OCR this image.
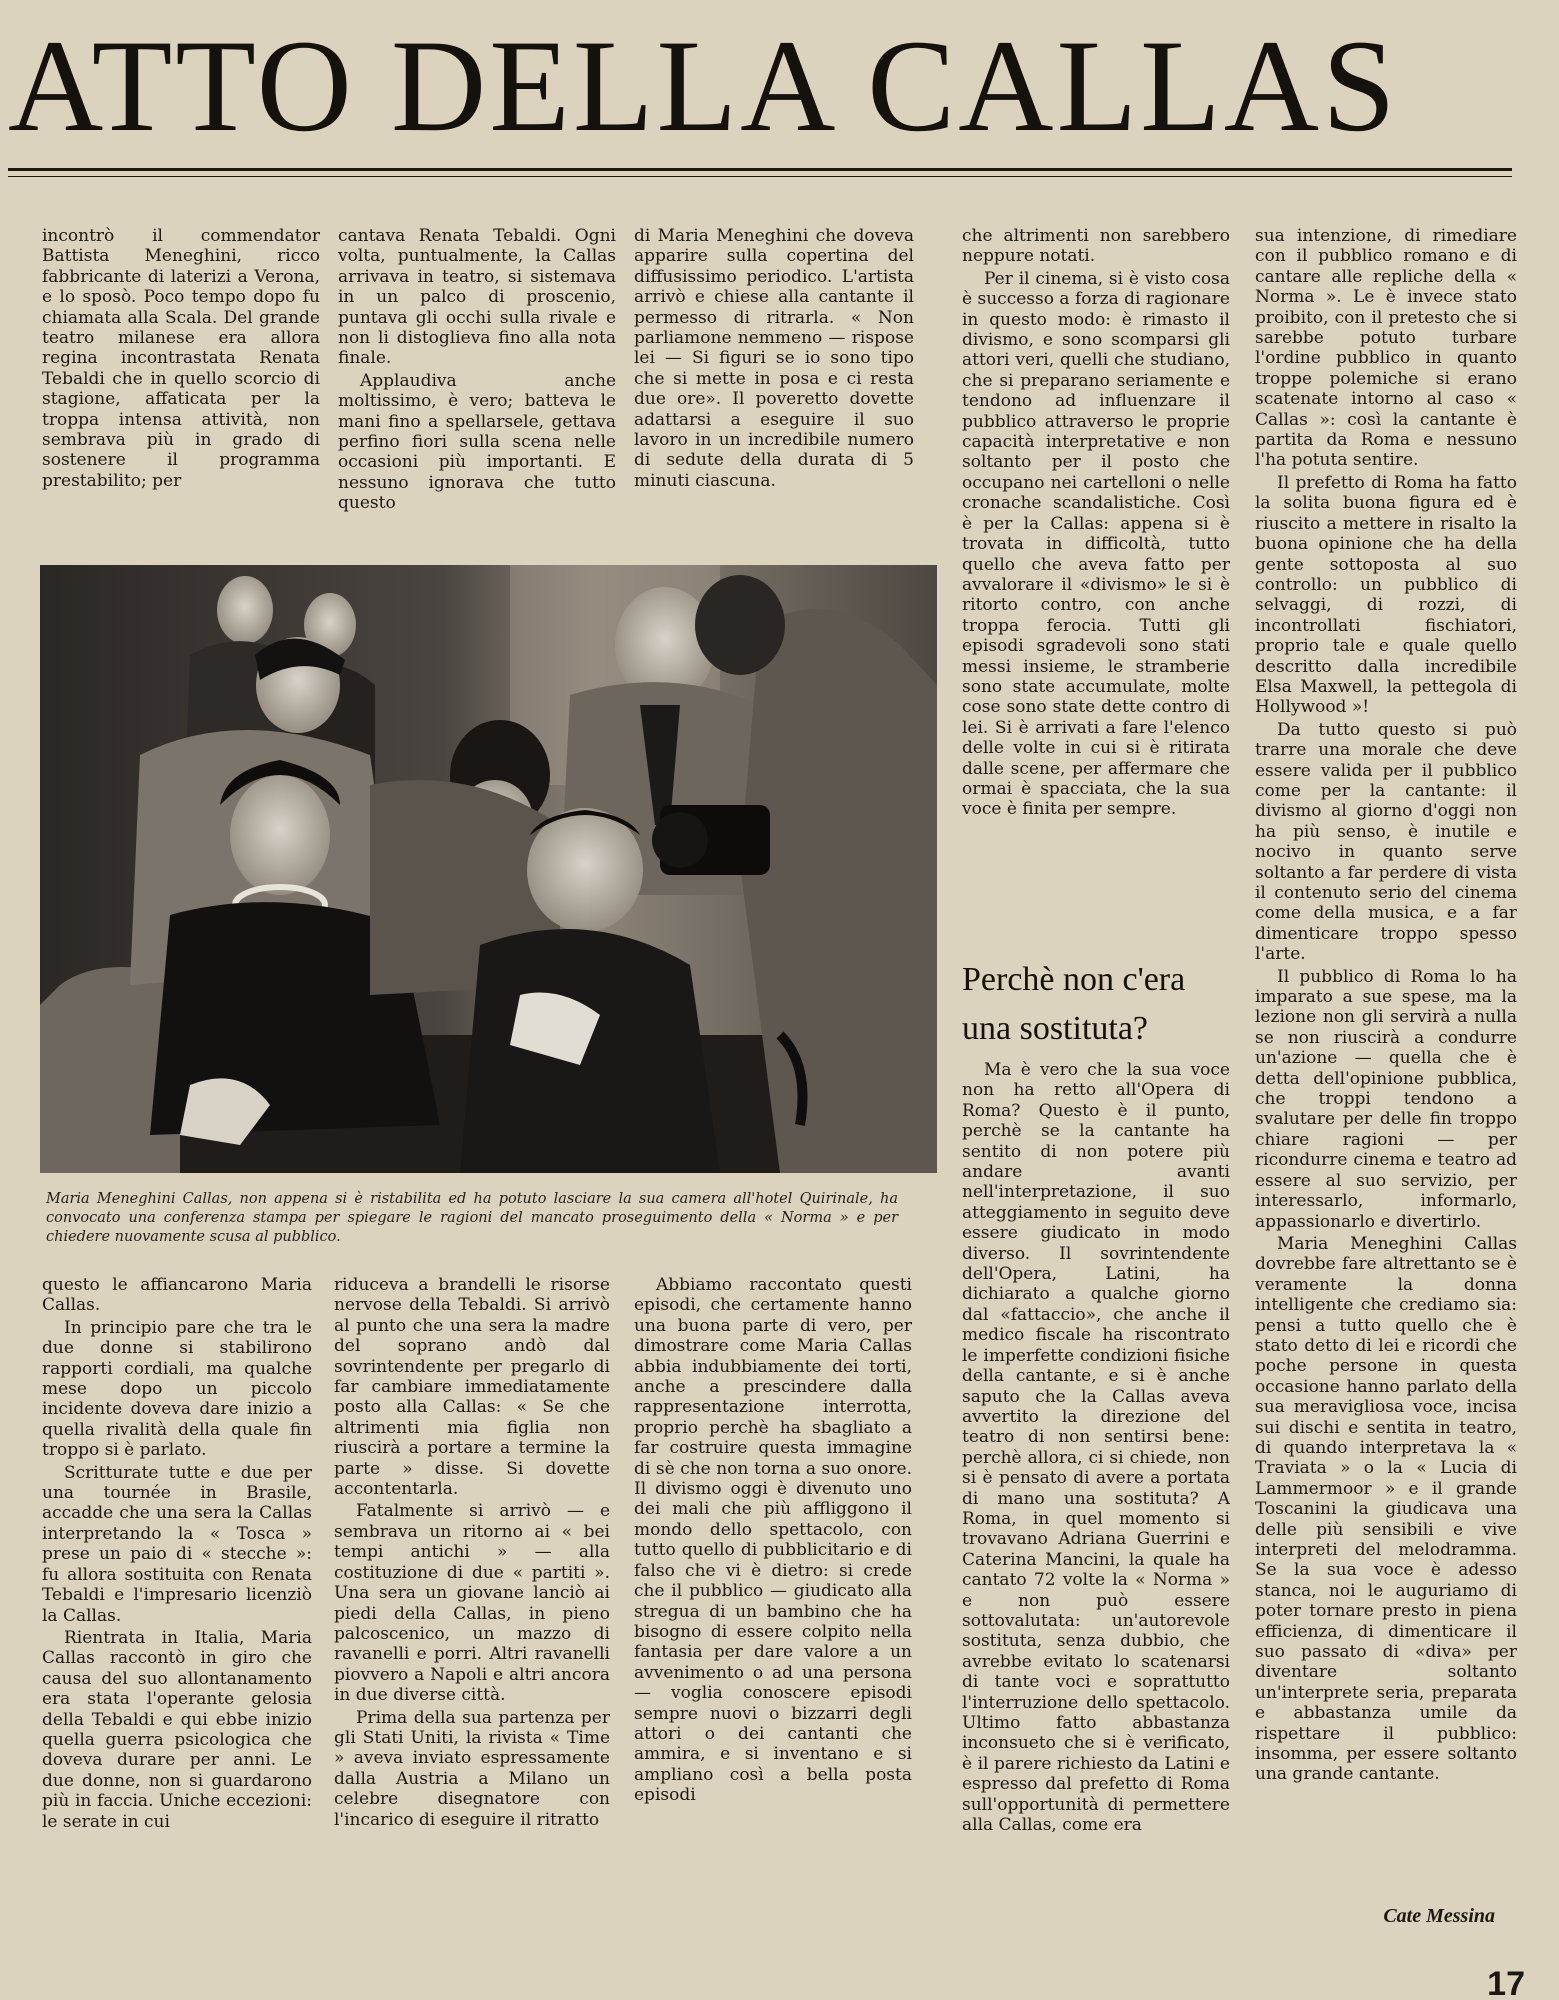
ATTO DELLA CALLAS

incontrò il commendator Battista Meneghini, ricco fabbricante di laterizi a Verona, e lo sposò. Poco tempo dopo fu chiamata alla Scala. Del grande teatro milanese era allora regina incontrastata Renata Tebaldi che in quello scorcio di stagione, affaticata per la troppa intensa attività, non sembrava più in grado di sostenere il programma prestabilito; per

cantava Renata Tebaldi. Ogni volta, puntualmente, la Callas arrivava in teatro, si sistemava in un palco di proscenio, puntava gli occhi sulla rivale e non li distoglieva fino alla nota finale.

Applaudiva anche moltissimo, è vero; batteva le mani fino a spellarsele, gettava perfino fiori sulla scena nelle occasioni più importanti. E nessuno ignorava che tutto questo

di Maria Meneghini che doveva apparire sulla copertina del diffusissimo periodico. L'artista arrivò e chiese alla cantante il permesso di ritrarla. « Non parliamone nemmeno — rispose lei — Si figuri se io sono tipo che si mette in posa e ci resta due ore». Il poveretto dovette adattarsi a eseguire il suo lavoro in un incredibile numero di sedute della durata di 5 minuti ciascuna.

che altrimenti non sarebbero neppure notati.

Per il cinema, si è visto cosa è successo a forza di ragionare in questo modo: è rimasto il divismo, e sono scomparsi gli attori veri, quelli che studiano, che si preparano seriamente e tendono ad influenzare il pubblico attraverso le proprie capacità interpretative e non soltanto per il posto che occupano nei cartelloni o nelle cronache scandalistiche. Così è per la Callas: appena si è trovata in difficoltà, tutto quello che aveva fatto per avvalorare il «divismo» le si è ritorto contro, con anche troppa ferocia. Tutti gli episodi sgradevoli sono stati messi insieme, le stramberie sono state accumulate, molte cose sono state dette contro di lei. Si è arrivati a fare l'elenco delle volte in cui si è ritirata dalle scene, per affermare che ormai è spacciata, che la sua voce è finita per sempre.

Perchè non c'era una sostituta?

Ma è vero che la sua voce non ha retto all'Opera di Roma? Questo è il punto, perchè se la cantante ha sentito di non potere più andare avanti nell'interpretazione, il suo atteggiamento in seguito deve essere giudicato in modo diverso. Il sovrintendente dell'Opera, Latini, ha dichiarato a qualche giorno dal «fattaccio», che anche il medico fiscale ha riscontrato le imperfette condizioni fisiche della cantante, e si è anche saputo che la Callas aveva avvertito la direzione del teatro di non sentirsi bene: perchè allora, ci si chiede, non si è pensato di avere a portata di mano una sostituta? A Roma, in quel momento si trovavano Adriana Guerrini e Caterina Mancini, la quale ha cantato 72 volte la « Norma » e non può essere sottovalutata: un'autorevole sostituta, senza dubbio, che avrebbe evitato lo scatenarsi di tante voci e soprattutto l'interruzione dello spettacolo. Ultimo fatto abbastanza inconsueto che si è verificato, è il parere richiesto da Latini e espresso dal prefetto di Roma sull'opportunità di permettere alla Callas, come era

sua intenzione, di rimediare con il pubblico romano e di cantare alle repliche della « Norma ». Le è invece stato proibito, con il pretesto che si sarebbe potuto turbare l'ordine pubblico in quanto troppe polemiche si erano scatenate intorno al caso « Callas »: così la cantante è partita da Roma e nessuno l'ha potuta sentire.

Il prefetto di Roma ha fatto la solita buona figura ed è riuscito a mettere in risalto la buona opinione che ha della gente sottoposta al suo controllo: un pubblico di selvaggi, di rozzi, di incontrollati fischiatori, proprio tale e quale quello descritto dalla incredibile Elsa Maxwell, la pettegola di Hollywood »!

Da tutto questo si può trarre una morale che deve essere valida per il pubblico come per la cantante: il divismo al giorno d'oggi non ha più senso, è inutile e nocivo in quanto serve soltanto a far perdere di vista il contenuto serio del cinema come della musica, e a far dimenticare troppo spesso l'arte.

Il pubblico di Roma lo ha imparato a sue spese, ma la lezione non gli servirà a nulla se non riuscirà a condurre un'azione — quella che è detta dell'opinione pubblica, che troppi tendono a svalutare per delle fin troppo chiare ragioni — per ricondurre cinema e teatro ad essere al suo servizio, per interessarlo, informarlo, appassionarlo e divertirlo.

Maria Meneghini Callas dovrebbe fare altrettanto se è veramente la donna intelligente che crediamo sia: pensi a tutto quello che è stato detto di lei e ricordi che poche persone in questa occasione hanno parlato della sua meravigliosa voce, incisa sui dischi e sentita in teatro, di quando interpretava la « Traviata » o la « Lucia di Lammermoor » e il grande Toscanini la giudicava una delle più sensibili e vive interpreti del melodramma. Se la sua voce è adesso stanca, noi le auguriamo di poter tornare presto in piena efficienza, di dimenticare il suo passato di «diva» per diventare soltanto un'interprete seria, preparata e abbastanza umile da rispettare il pubblico: insomma, per essere soltanto una grande cantante.

Cate Messina
Maria Meneghini Callas, non appena si è ristabilita ed ha potuto lasciare la sua camera all'hotel Quirinale, ha convocato una conferenza stampa per spiegare le ragioni del mancato proseguimento della « Norma » e per chiedere nuovamente scusa al pubblico.

questo le affiancarono Maria Callas.

In principio pare che tra le due donne si stabilirono rapporti cordiali, ma qualche mese dopo un piccolo incidente doveva dare inizio a quella rivalità della quale fin troppo si è parlato.

Scritturate tutte e due per una tournée in Brasile, accadde che una sera la Callas interpretando la « Tosca » prese un paio di « stecche »: fu allora sostituita con Renata Tebaldi e l'impresario licenziò la Callas.

Rientrata in Italia, Maria Callas raccontò in giro che causa del suo allontanamento era stata l'operante gelosia della Tebaldi e qui ebbe inizio quella guerra psicologica che doveva durare per anni. Le due donne, non si guardarono più in faccia. Uniche eccezioni: le serate in cui

riduceva a brandelli le risorse nervose della Tebaldi. Si arrivò al punto che una sera la madre del soprano andò dal sovrintendente per pregarlo di far cambiare immediatamente posto alla Callas: « Se che altrimenti mia figlia non riuscirà a portare a termine la parte » disse. Si dovette accontentarla.

Fatalmente si arrivò — e sembrava un ritorno ai « bei tempi antichi » — alla costituzione di due « partiti ». Una sera un giovane lanciò ai piedi della Callas, in pieno palcoscenico, un mazzo di ravanelli e porri. Altri ravanelli piovvero a Napoli e altri ancora in due diverse città.

Prima della sua partenza per gli Stati Uniti, la rivista « Time » aveva inviato espressamente dalla Austria a Milano un celebre disegnatore con l'incarico di eseguire il ritratto

Abbiamo raccontato questi episodi, che certamente hanno una buona parte di vero, per dimostrare come Maria Callas abbia indubbiamente dei torti, anche a prescindere dalla rappresentazione interrotta, proprio perchè ha sbagliato a far costruire questa immagine di sè che non torna a suo onore. Il divismo oggi è divenuto uno dei mali che più affliggono il mondo dello spettacolo, con tutto quello di pubblicitario e di falso che vi è dietro: si crede che il pubblico — giudicato alla stregua di un bambino che ha bisogno di essere colpito nella fantasia per dare valore a un avvenimento o ad una persona — voglia conoscere episodi sempre nuovi o bizzarri degli attori o dei cantanti che ammira, e si inventano e si ampliano così a bella posta episodi

17
